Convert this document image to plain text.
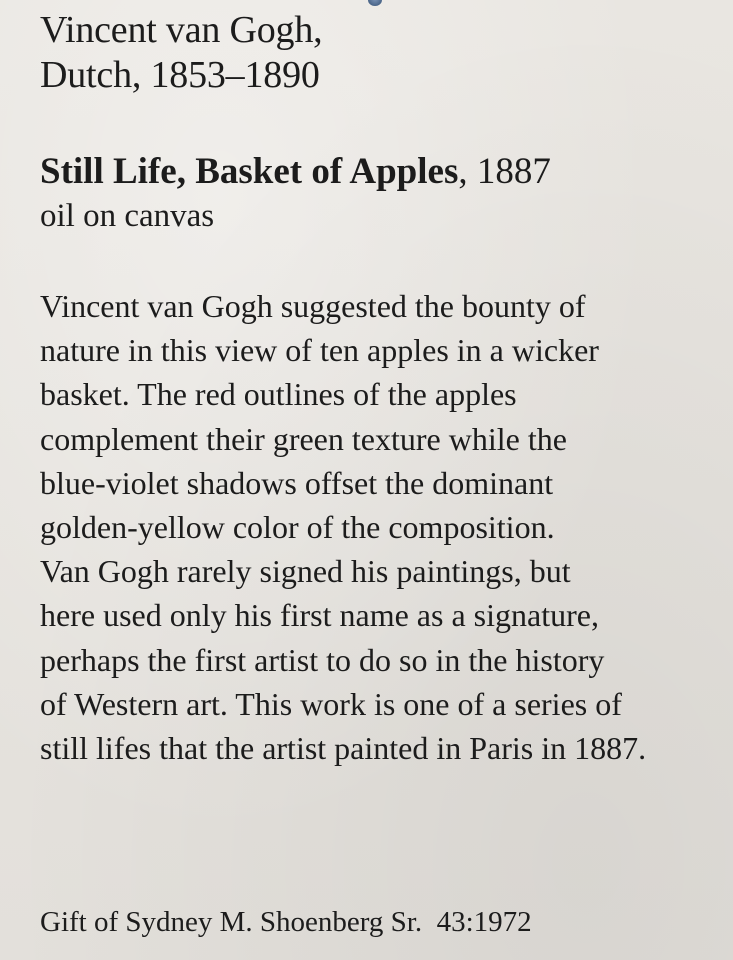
Vincent van Gogh,
Dutch, 1853–1890
Still Life, Basket of Apples, 1887
oil on canvas
Vincent van Gogh suggested the bounty of
nature in this view of ten apples in a wicker
basket. The red outlines of the apples
complement their green texture while the
blue-violet shadows offset the dominant
golden-yellow color of the composition.
Van Gogh rarely signed his paintings, but
here used only his first name as a signature,
perhaps the first artist to do so in the history
of Western art. This work is one of a series of
still lifes that the artist painted in Paris in 1887.
Gift of Sydney M. Shoenberg Sr.  43:1972
